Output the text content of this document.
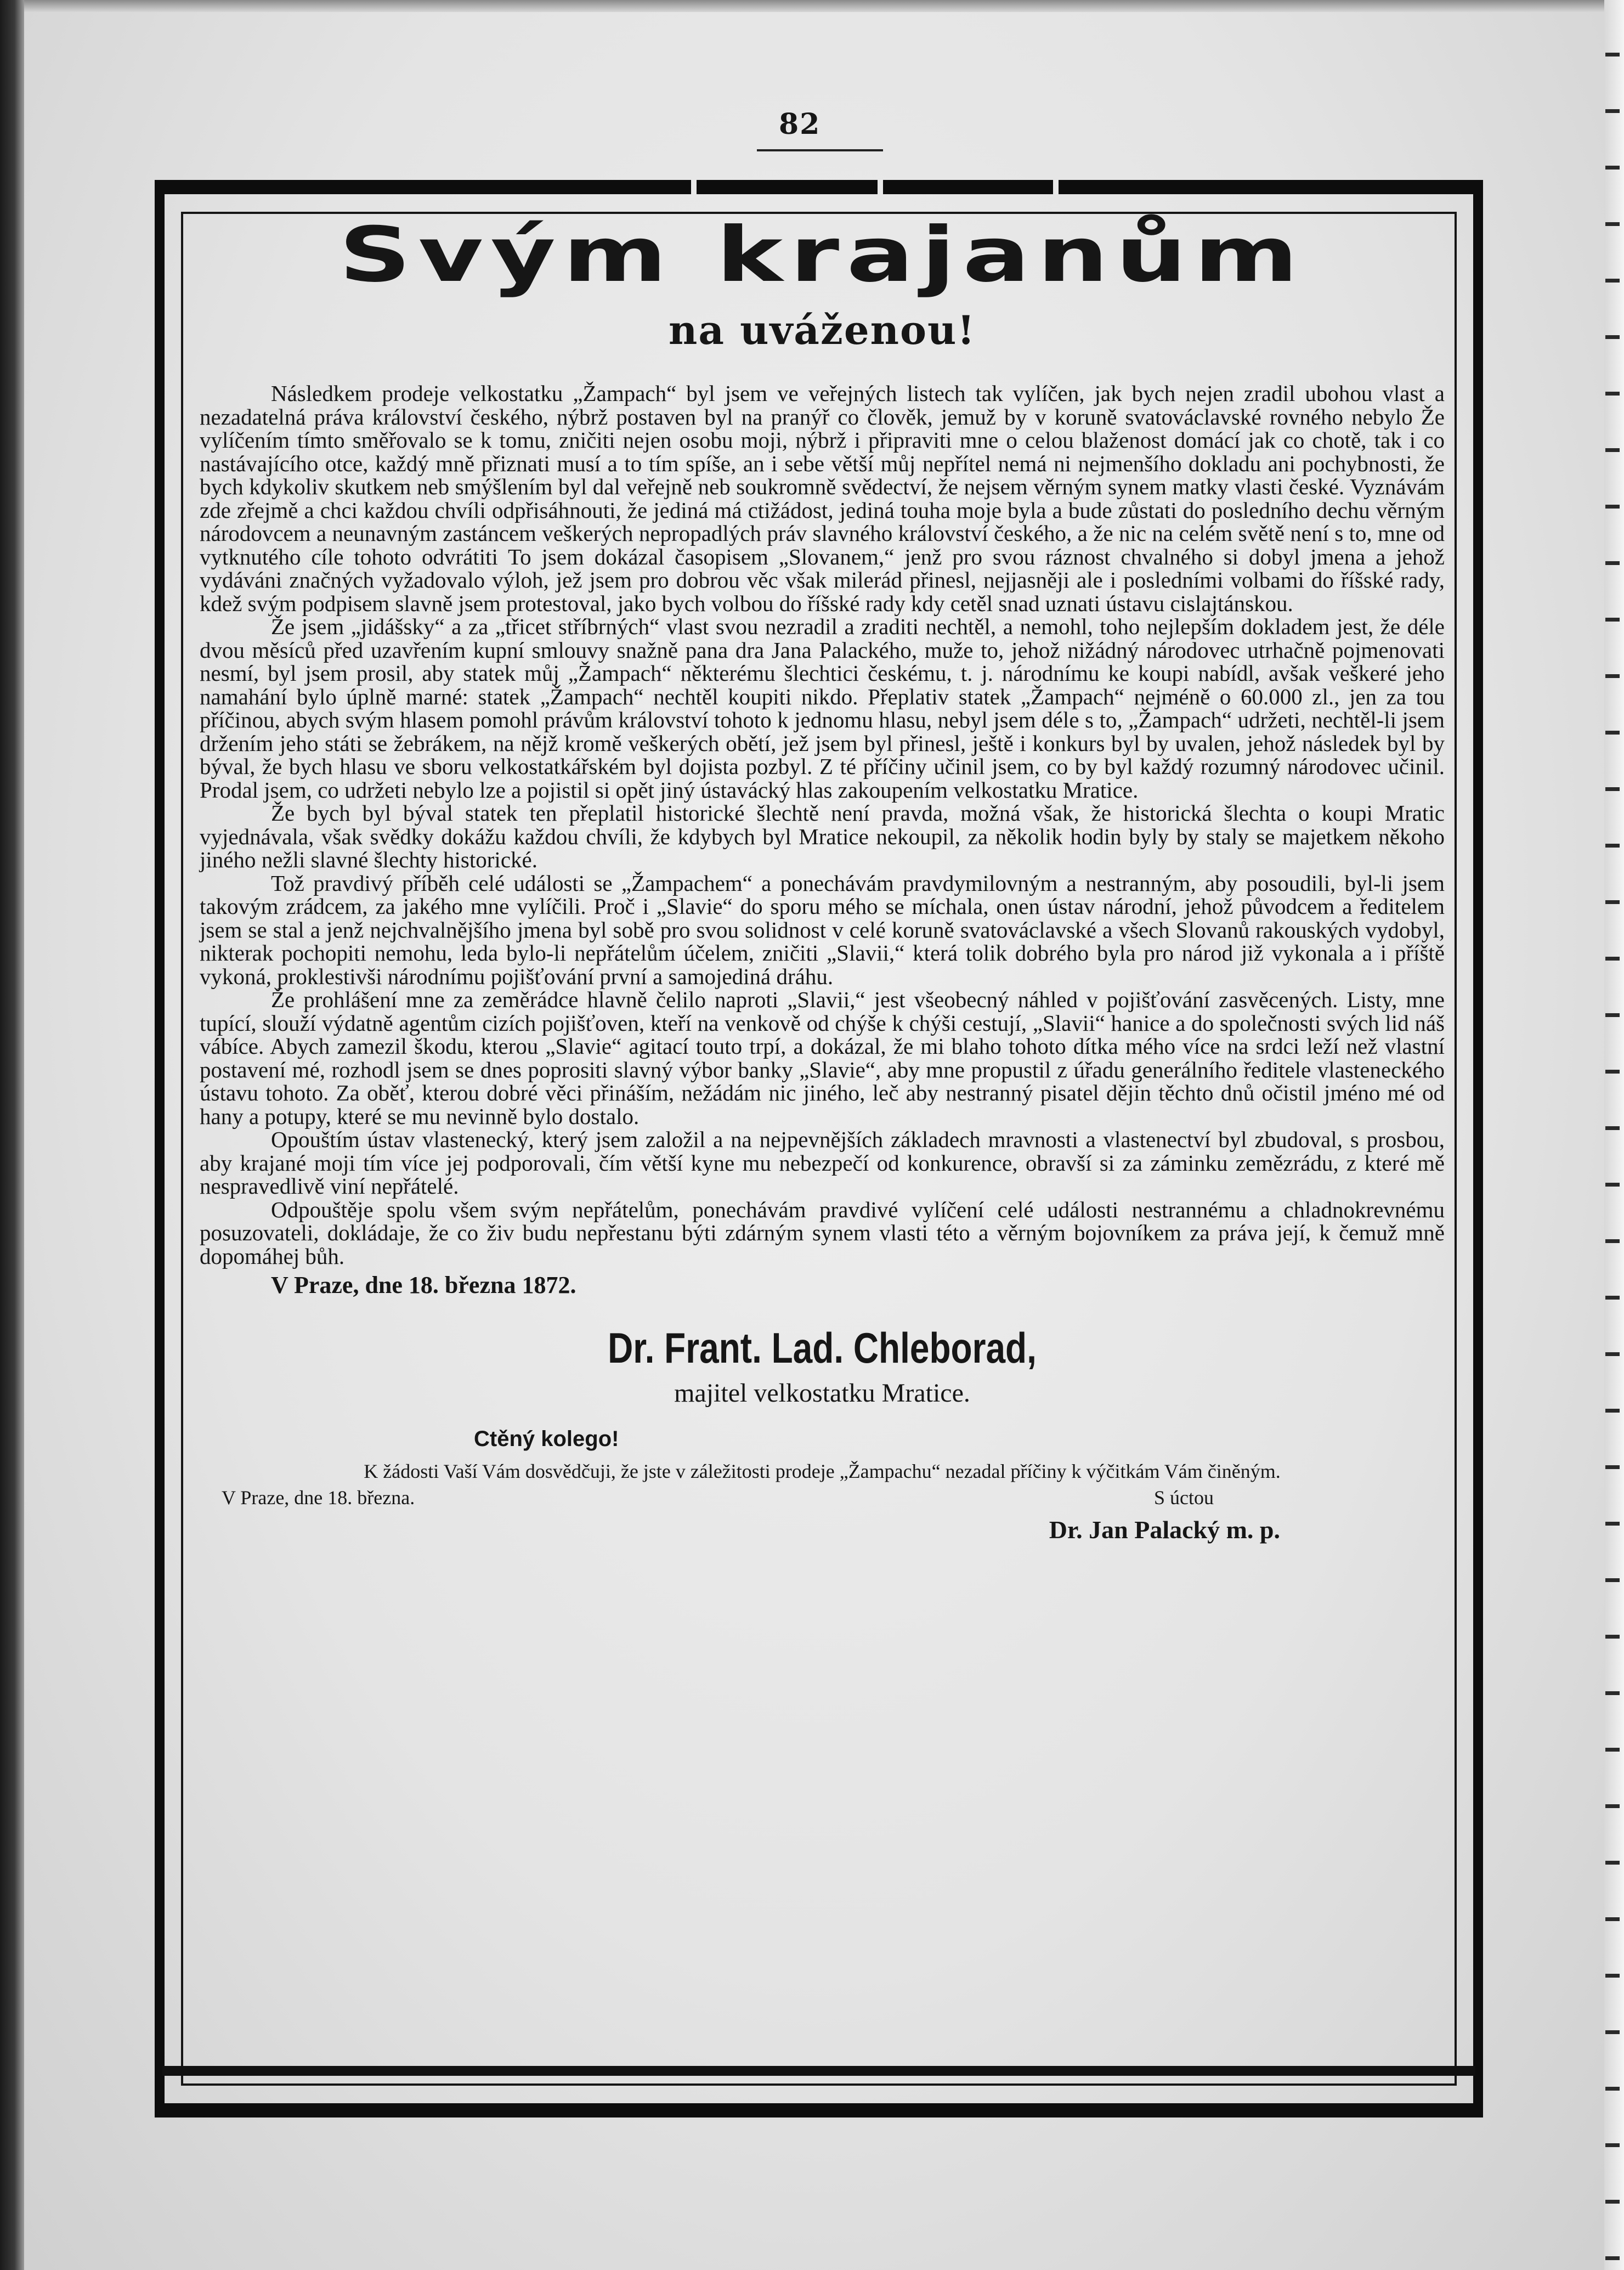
82
Svým krajanům
na uváženou!

Následkem prodeje velkostatku „Žampach“ byl jsem ve veřejných listech tak vylíčen, jak bych nejen zradil ubohou vlast a nezadatelná práva království českého, nýbrž postaven byl na pranýř co člověk, jemuž by v koruně svatováclavské rovného nebylo Že vylíčením tímto směřovalo se k tomu, zničiti nejen osobu moji, nýbrž i připraviti mne o celou blaženost domácí jak co chotě, tak i co nastávajícího otce, každý mně přiznati musí a to tím spíše, an i sebe větší můj nepřítel nemá ni nejmenšího dokladu ani pochybnosti, že bych kdykoliv skutkem neb smýšlením byl dal veřejně neb soukromně svědectví, že nejsem věrným synem matky vlasti české. Vyznávám zde zřejmě a chci každou chvíli odpřisáhnouti, že jediná má ctižádost, jediná touha moje byla a bude zůstati do posledního dechu věrným národovcem a neunavným zastáncem veškerých nepropadlých práv slavného království českého, a že nic na celém světě není s to, mne od vytknutého cíle tohoto odvrátiti To jsem dokázal časopisem „Slovanem,“ jenž pro svou ráznost chvalného si dobyl jmena a jehož vydáváni značných vyžadovalo výloh, jež jsem pro dobrou věc však milerád přinesl, nejjasněji ale i posledními volbami do říšské rady, kdež svým podpisem slavně jsem protestoval, jako bych volbou do říšské rady kdy cetěl snad uznati ústavu cislajtánskou.

Že jsem „jidášsky“ a za „třicet stříbrných“ vlast svou nezradil a zraditi nechtěl, a nemohl, toho nejlepším dokladem jest, že déle dvou měsíců před uzavřením kupní smlouvy snažně pana dra Jana Palackého, muže to, jehož nižádný národovec utrhačně pojmenovati nesmí, byl jsem prosil, aby statek můj „Žampach“ některému šlechtici českému, t. j. národnímu ke koupi nabídl, avšak veškeré jeho namahání bylo úplně marné: statek „Žampach“ nechtěl koupiti nikdo. Přeplativ statek „Žampach“ nejméně o 60.000 zl., jen za tou příčinou, abych svým hlasem pomohl právům království tohoto k jednomu hlasu, nebyl jsem déle s to, „Žampach“ udržeti, nechtěl-li jsem držením jeho státi se žebrákem, na nějž kromě veškerých obětí, jež jsem byl přinesl, ještě i konkurs byl by uvalen, jehož následek byl by býval, že bych hlasu ve sboru velkostatkářském byl dojista pozbyl. Z té příčiny učinil jsem, co by byl každý rozumný národovec učinil. Prodal jsem, co udržeti nebylo lze a pojistil si opět jiný ústavácký hlas zakoupením velkostatku Mratice.

Že bych byl býval statek ten přeplatil historické šlechtě není pravda, možná však, že historická šlechta o koupi Mratic vyjednávala, však svědky dokážu každou chvíli, že kdybych byl Mratice nekoupil, za několik hodin byly by staly se majetkem někoho jiného nežli slavné šlechty historické.

Tož pravdivý příběh celé události se „Žampachem“ a ponechávám pravdymilovným a nestranným, aby posoudili, byl-li jsem takovým zrádcem, za jakého mne vylíčili. Proč i „Slavie“ do sporu mého se míchala, onen ústav národní, jehož původcem a ředitelem jsem se stal a jenž nejchvalnějšího jmena byl sobě pro svou solidnost v celé koruně svatováclavské a všech Slovanů rakouských vydobyl, nikterak pochopiti nemohu, leda bylo-li nepřátelům účelem, zničiti „Slavii,“ která tolik dobrého byla pro národ již vykonala a i příště vykoná, proklestivši národnímu pojišťování první a samojediná dráhu.

Že prohlášení mne za zeměrádce hlavně čelilo naproti „Slavii,“ jest všeobecný náhled v pojišťování zasvěcených. Listy, mne tupící, slouží výdatně agentům cizích pojišťoven, kteří na venkově od chýše k chýši cestují, „Slavii“ hanice a do společnosti svých lid náš vábíce. Abych zamezil škodu, kterou „Slavie“ agitací touto trpí, a dokázal, že mi blaho tohoto dítka mého více na srdci leží než vlastní postavení mé, rozhodl jsem se dnes poprositi slavný výbor banky „Slavie“, aby mne propustil z úřadu generálního ředitele vlasteneckého ústavu tohoto. Za oběť, kterou dobré věci přináším, nežádám nic jiného, leč aby nestranný pisatel dějin těchto dnů očistil jméno mé od hany a potupy, které se mu nevinně bylo dostalo.

Opouštím ústav vlastenecký, který jsem založil a na nejpevnějších základech mravnosti a vlastenectví byl zbudoval, s prosbou, aby krajané moji tím více jej podporovali, čím větší kyne mu nebezpečí od konkurence, obravší si za záminku zemězrádu, z které mě nespravedlivě viní nepřátelé.

Odpouštěje spolu všem svým nepřátelům, ponechávám pravdivé vylíčení celé události nestrannému a chladnokrevnému posuzovateli, dokládaje, že co živ budu nepřestanu býti zdárným synem vlasti této a věrným bojovníkem za práva její, k čemuž mně dopomáhej bůh.

V Praze, dne 18. března 1872.
Dr. Frant. Lad. Chleborad,
majitel velkostatku Mratice.
Ctěný kolego!
K žádosti Vaší Vám dosvědčuji, že jste v záležitosti prodeje „Žampachu“ nezadal příčiny k výčitkám Vám činěným.
V Praze, dne 18. března.	S úctou
Dr. Jan Palacký m. p.
